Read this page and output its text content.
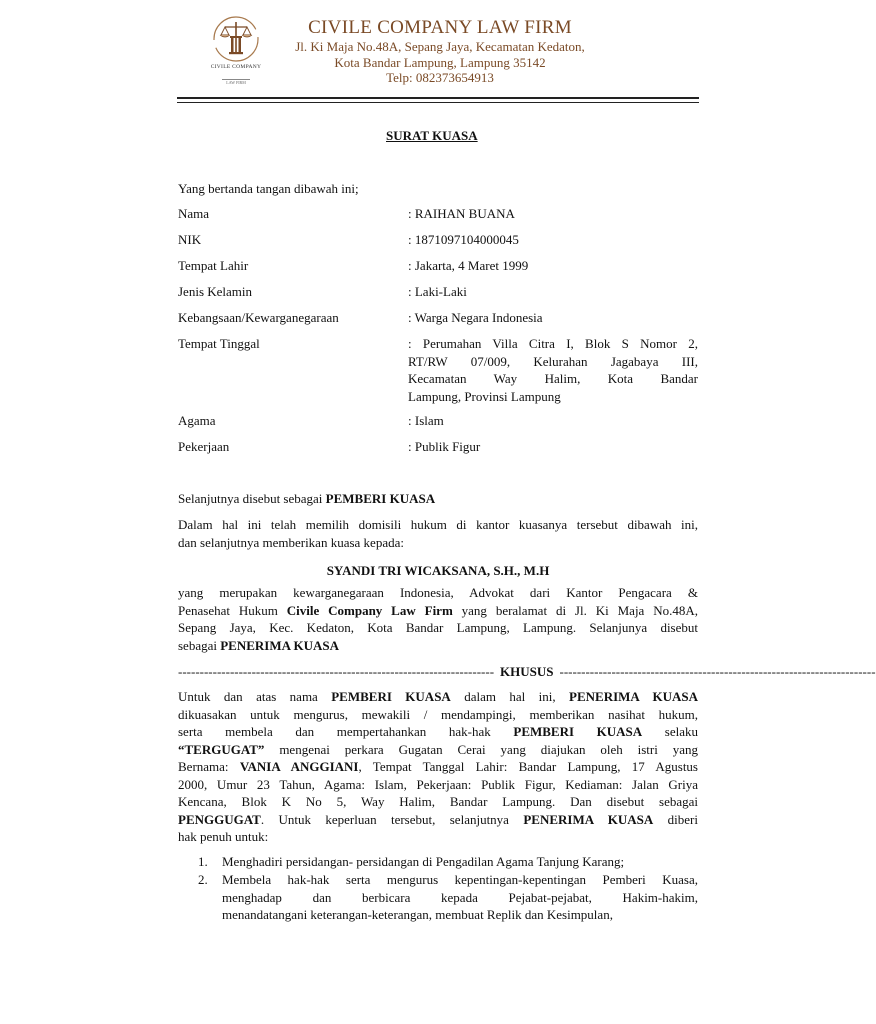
CIVILE COMPANY
LAW FIRM
CIVILE COMPANY LAW FIRM
Jl. Ki Maja No.48A, Sepang Jaya, Kecamatan Kedaton,
Kota Bandar Lampung, Lampung 35142
Telp: 082373654913
SURAT KUASA
Yang bertanda tangan dibawah ini;
Nama	: RAIHAN BUANA
NIK	: 1871097104000045
Tempat Lahir	: Jakarta, 4 Maret 1999
Jenis Kelamin	: Laki-Laki
Kebangsaan/Kewarganegaraan	: Warga Negara Indonesia
Tempat Tinggal	: Perumahan Villa Citra I, Blok S Nomor 2,
RT/RW 07/009, Kelurahan Jagabaya III,
Kecamatan Way Halim, Kota Bandar
Lampung, Provinsi Lampung
Agama	: Islam
Pekerjaan	: Publik Figur
Selanjutnya disebut sebagai PEMBERI KUASA
Dalam hal ini telah memilih domisili hukum di kantor kuasanya tersebut dibawah ini,
dan selanjutnya memberikan kuasa kepada:
SYANDI TRI WICAKSANA, S.H., M.H
yang merupakan kewarganegaraan Indonesia, Advokat dari Kantor Pengacara &
Penasehat Hukum Civile Company Law Firm yang beralamat di Jl. Ki Maja No.48A,
Sepang Jaya, Kec. Kedaton, Kota Bandar Lampung, Lampung. Selanjunya disebut
sebagai PENERIMA KUASA
------------------------------------------------------------------------- KHUSUS -------------------------------------------------------------------------
Untuk dan atas nama PEMBERI KUASA dalam hal ini, PENERIMA KUASA
dikuasakan untuk mengurus, mewakili / mendampingi, memberikan nasihat hukum,
serta membela dan mempertahankan hak-hak PEMBERI KUASA selaku
“TERGUGAT” mengenai perkara Gugatan Cerai yang diajukan oleh istri yang
Bernama: VANIA ANGGIANI, Tempat Tanggal Lahir: Bandar Lampung, 17 Agustus
2000, Umur 23 Tahun, Agama: Islam, Pekerjaan: Publik Figur, Kediaman: Jalan Griya
Kencana, Blok K No 5, Way Halim, Bandar Lampung. Dan disebut sebagai
PENGGUGAT. Untuk keperluan tersebut, selanjutnya PENERIMA KUASA diberi
hak penuh untuk:
1. Menghadiri persidangan- persidangan di Pengadilan Agama Tanjung Karang;
2. Membela hak-hak serta mengurus kepentingan-kepentingan Pemberi Kuasa,
menghadap dan berbicara kepada Pejabat-pejabat, Hakim-hakim,
menandatangani keterangan-keterangan, membuat Replik dan Kesimpulan,
